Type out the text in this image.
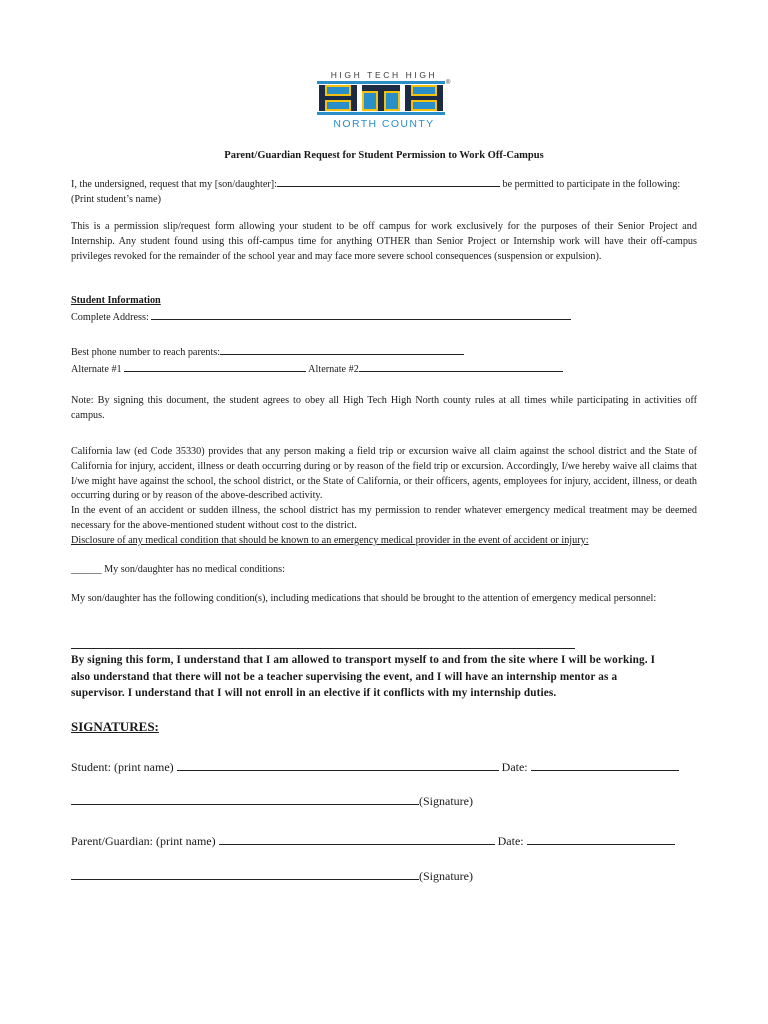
HIGH TECH HIGH
®
NORTH COUNTY
Parent/Guardian Request for Student Permission to Work Off-Campus
I, the undersigned, request that my [son/daughter]:	be permitted to participate in the following: (Print student’s name)
This is a permission slip/request form allowing your student to be off campus for work exclusively for the purposes of their Senior Project and Internship. Any student found using this off-campus time for anything OTHER than Senior Project or Internship work will have their off-campus privileges revoked for the remainder of the school year and may face more severe school consequences (suspension or expulsion).
Student Information
Complete Address:
Best phone number to reach parents:
Alternate #1	Alternate #2
Note: By signing this document, the student agrees to obey all High Tech High North county rules at all times while participating in activities off campus.

California law (ed Code 35330) provides that any person making a field trip or excursion waive all claim against the school district and the State of California for injury, accident, illness or death occurring during or by reason of the field trip or excursion. Accordingly, I/we hereby waive all claims that I/we might have against the school, the school district, or the State of California, or their officers, agents, employees for injury, accident, illness, or death occurring during or by reason of the above-described activity.

In the event of an accident or sudden illness, the school district has my permission to render whatever emergency medical treatment may be deemed necessary for the above-mentioned student without cost to the district.

Disclosure of any medical condition that should be known to an emergency medical provider in the event of accident or injury:

______ My son/daughter has no medical conditions:
My son/daughter has the following condition(s), including medications that should be brought to the attention of emergency medical personnel:
By signing this form, I understand that I am allowed to transport myself to and from the site where I will be working. I also understand that there will not be a teacher supervising the event, and I will have an internship mentor as a supervisor. I understand that I will not enroll in an elective if it conflicts with my internship duties.
SIGNATURES:
Student: (print name)	Date:
(Signature)
Parent/Guardian: (print name)	Date:
(Signature)
